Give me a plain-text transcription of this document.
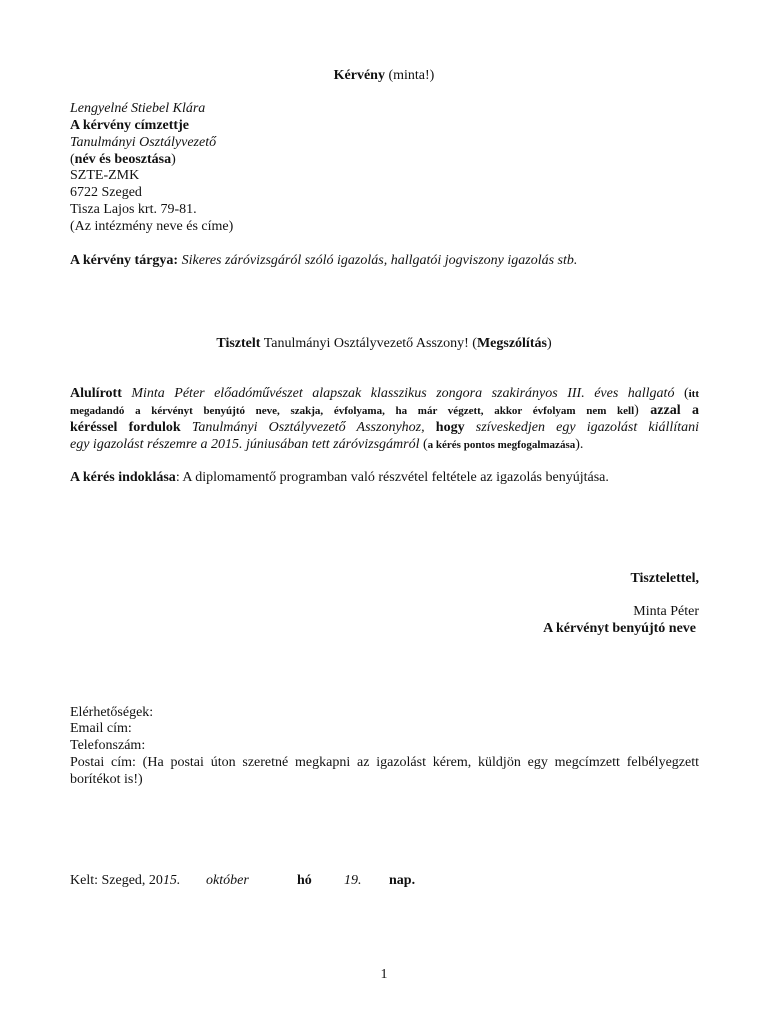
Kérvény (minta!)
Lengyelné Stiebel Klára
A kérvény címzettje
Tanulmányi Osztályvezető
(név és beosztása)
SZTE-ZMK
6722 Szeged
Tisza Lajos krt. 79-81.
(Az intézmény neve és címe)
A kérvény tárgya: Sikeres záróvizsgáról szóló igazolás, hallgatói jogviszony igazolás stb.
Tisztelt Tanulmányi Osztályvezető Asszony! (Megszólítás)
Alulírott Minta Péter előadóművészet alapszak klasszikus zongora szakirányos III. éves hallgató (itt
megadandó a kérvényt benyújtó neve, szakja, évfolyama, ha már végzett, akkor évfolyam nem kell) azzal a
kéréssel fordulok Tanulmányi Osztályvezető Asszonyhoz, hogy szíveskedjen egy igazolást kiállítani
egy igazolást részemre a 2015. júniusában tett záróvizsgámról (a kérés pontos megfogalmazása).
A kérés indoklása: A diplomamentő programban való részvétel feltétele az igazolás benyújtása.
Tisztelettel,
Minta Péter
A kérvényt benyújtó neve
Elérhetőségek:
Email cím:
Telefonszám:
Postai cím: (Ha postai úton szeretné megkapni az igazolást kérem, küldjön egy megcímzett felbélyegzett borítékot is!)
Kelt: Szeged, 2015. október	hó 19. nap.
1
